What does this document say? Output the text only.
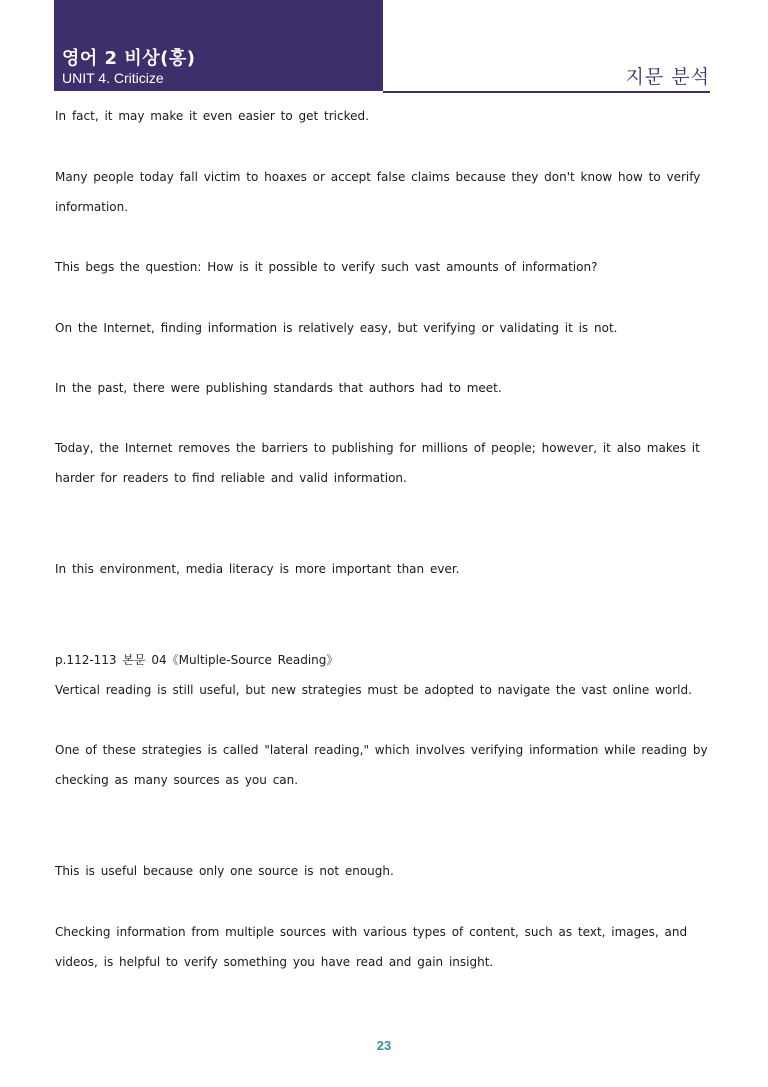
영어 2 비상(홍)
UNIT 4. Criticize	지문 분석
In fact, it may make it even easier to get tricked.
Many people today fall victim to hoaxes or accept false claims because they don't know how to verify information.
This begs the question: How is it possible to verify such vast amounts of information?
On the Internet, finding information is relatively easy, but verifying or validating it is not.
In the past, there were publishing standards that authors had to meet.
Today, the Internet removes the barriers to publishing for millions of people; however, it also makes it harder for readers to find reliable and valid information.
In this environment, media literacy is more important than ever.
p.112-113 본문 04《Multiple-Source Reading》
Vertical reading is still useful, but new strategies must be adopted to navigate the vast online world.
One of these strategies is called "lateral reading," which involves verifying information while reading by checking as many sources as you can.
This is useful because only one source is not enough.
Checking information from multiple sources with various types of content, such as text, images, and videos, is helpful to verify something you have read and gain insight.
23
